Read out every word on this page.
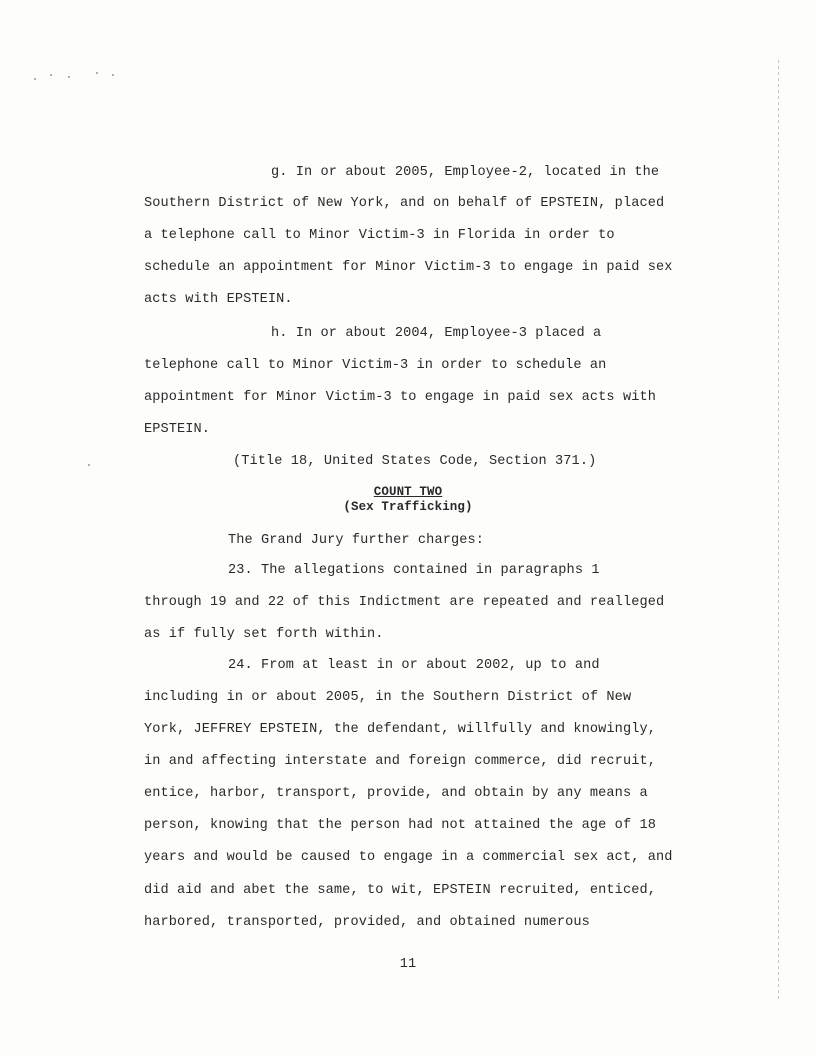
g. In or about 2005, Employee-2, located in the
Southern District of New York, and on behalf of EPSTEIN, placed
a telephone call to Minor Victim-3 in Florida in order to
schedule an appointment for Minor Victim-3 to engage in paid sex
acts with EPSTEIN.
h. In or about 2004, Employee-3 placed a
telephone call to Minor Victim-3 in order to schedule an
appointment for Minor Victim-3 to engage in paid sex acts with
EPSTEIN.
(Title 18, United States Code, Section 371.)
COUNT TWO
(Sex Trafficking)
The Grand Jury further charges:
23. The allegations contained in paragraphs 1
through 19 and 22 of this Indictment are repeated and realleged
as if fully set forth within.
24. From at least in or about 2002, up to and
including in or about 2005, in the Southern District of New
York, JEFFREY EPSTEIN, the defendant, willfully and knowingly,
in and affecting interstate and foreign commerce, did recruit,
entice, harbor, transport, provide, and obtain by any means a
person, knowing that the person had not attained the age of 18
years and would be caused to engage in a commercial sex act, and
did aid and abet the same, to wit, EPSTEIN recruited, enticed,
harbored, transported, provided, and obtained numerous
11
